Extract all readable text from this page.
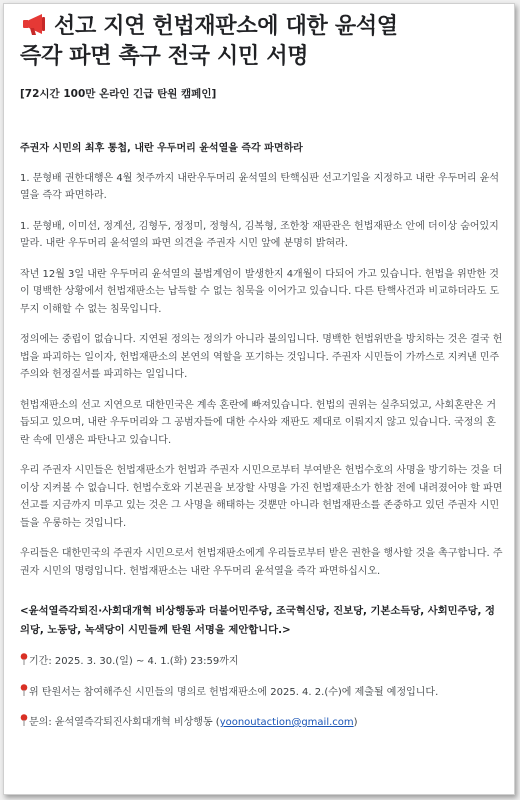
선고 지연 헌법재판소에 대한 윤석열
즉각 파면 촉구 전국 시민 서명
[72시간 100만 온라인 긴급 탄원 캠페인]

주권자 시민의 최후 통첩, 내란 우두머리 윤석열을 즉각 파면하라

1. 문형배 권한대행은 4월 첫주까지 내란우두머리 윤석열의 탄핵심판 선고기일을 지정하고 내란 우두머리 윤석열을 즉각 파면하라.

1. 문형배, 이미선, 정계선, 김형두, 정정미, 정형식, 김복형, 조한창 재판관은 헌법재판소 안에 더이상 숨어있지 말라. 내란 우두머리 윤석열의 파면 의견을 주권자 시민 앞에 분명히 밝혀라.

작년 12월 3일 내란 우두머리 윤석열의 불법계엄이 발생한지 4개월이 다되어 가고 있습니다. 헌법을 위반한 것이 명백한 상황에서 헌법재판소는 납득할 수 없는 침묵을 이어가고 있습니다. 다른 탄핵사건과 비교하더라도 도무지 이해할 수 없는 침묵입니다.

정의에는 중립이 없습니다. 지연된 정의는 정의가 아니라 불의입니다. 명백한 헌법위반을 방치하는 것은 결국 헌법을 파괴하는 일이자, 헌법재판소의 본연의 역할을 포기하는 것입니다. 주권자 시민들이 가까스로 지켜낸 민주주의와 헌정질서를 파괴하는 일입니다.

헌법재판소의 선고 지연으로 대한민국은 계속 혼란에 빠져있습니다. 헌법의 권위는 실추되었고, 사회혼란은 거듭되고 있으며, 내란 우두머리와 그 공범자들에 대한 수사와 재판도 제대로 이뤄지지 않고 있습니다. 국정의 혼란 속에 민생은 파탄나고 있습니다.

우리 주권자 시민들은 헌법재판소가 헌법과 주권자 시민으로부터 부여받은 헌법수호의 사명을 방기하는 것을 더이상 지켜볼 수 없습니다. 헌법수호와 기본권을 보장할 사명을 가진 헌법재판소가 한참 전에 내려졌어야 할 파면선고를 지금까지 미루고 있는 것은 그 사명을 해태하는 것뿐만 아니라 헌법재판소를 존중하고 있던 주권자 시민들을 우롱하는 것입니다.

우리들은 대한민국의 주권자 시민으로서 헌법재판소에게 우리들로부터 받은 권한을 행사할 것을 촉구합니다. 주권자 시민의 명령입니다. 헌법재판소는 내란 우두머리 윤석열을 즉각 파면하십시오.

<윤석열즉각퇴진·사회대개혁 비상행동과 더불어민주당, 조국혁신당, 진보당, 기본소득당, 사회민주당, 정의당, 노동당, 녹색당이 시민들께 탄원 서명을 제안합니다.>

기간: 2025. 3. 30.(일) ~ 4. 1.(화) 23:59까지

위 탄원서는 참여해주신 시민들의 명의로 헌법재판소에 2025. 4. 2.(수)에 제출될 예정입니다.

문의: 윤석열즉각퇴진사회대개혁 비상행동 (yoonoutaction@gmail.com)
